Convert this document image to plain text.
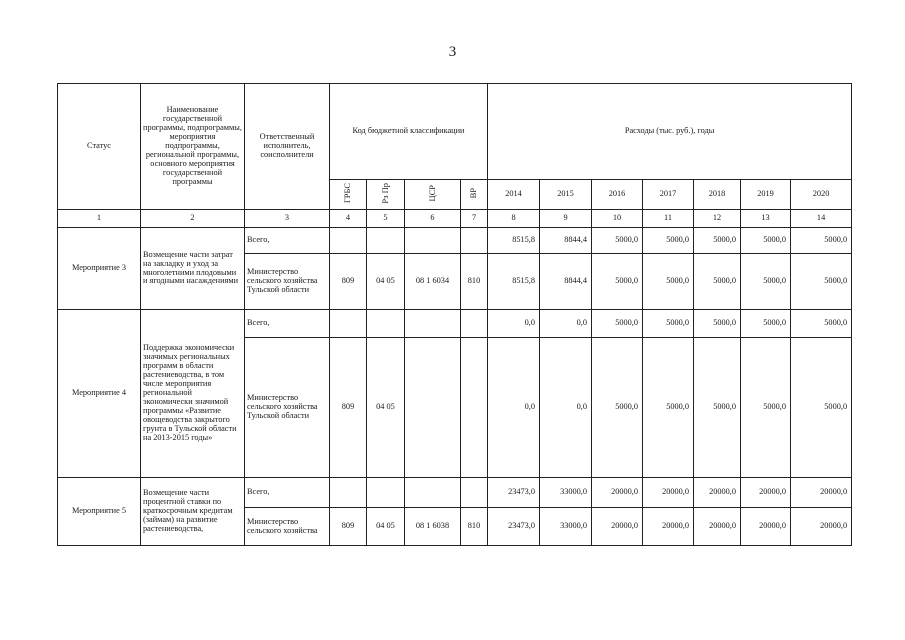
3
Статус	Наименование государственной программы, подпрограммы, мероприятия подпрограммы, региональной программы, основного мероприятия государственной программы	Ответственный исполнитель, соисполнители	Код бюджетной классификации				Расходы (тыс. руб.), годы						
			ГРБС	Рз Пр	ЦСР	ВР	2014	2015	2016	2017	2018	2019	2020
1	2	3	4	5	6	7	8	9	10	11	12	13	14
Мероприятие 3	Возмещение части затрат на закладку и уход за многолетними плодовыми и ягодными насаждениями	Всего,					8515,8	8844,4	5000,0	5000,0	5000,0	5000,0	5000,0
		Министерство сельского хозяйства Тульской области	809	04 05	08 1 6034	810	8515,8	8844,4	5000,0	5000,0	5000,0	5000,0	5000,0
Мероприятие 4	Поддержка экономически значимых региональных программ в области растениеводства, в том числе мероприятия региональной экономически значимой программы «Развитие овощеводства закрытого грунта в Тульской области на 2013-2015 годы»	Всего,					0,0	0,0	5000,0	5000,0	5000,0	5000,0	5000,0
		Министерство сельского хозяйства Тульской области	809	04 05			0,0	0,0	5000,0	5000,0	5000,0	5000,0	5000,0
Мероприятие 5	Возмещение части процентной ставки по краткосрочным кредитам (займам) на развитие растениеводства,	Всего,					23473,0	33000,0	20000,0	20000,0	20000,0	20000,0	20000,0
		Министерство сельского хозяйства	809	04 05	08 1 6038	810	23473,0	33000,0	20000,0	20000,0	20000,0	20000,0	20000,0
